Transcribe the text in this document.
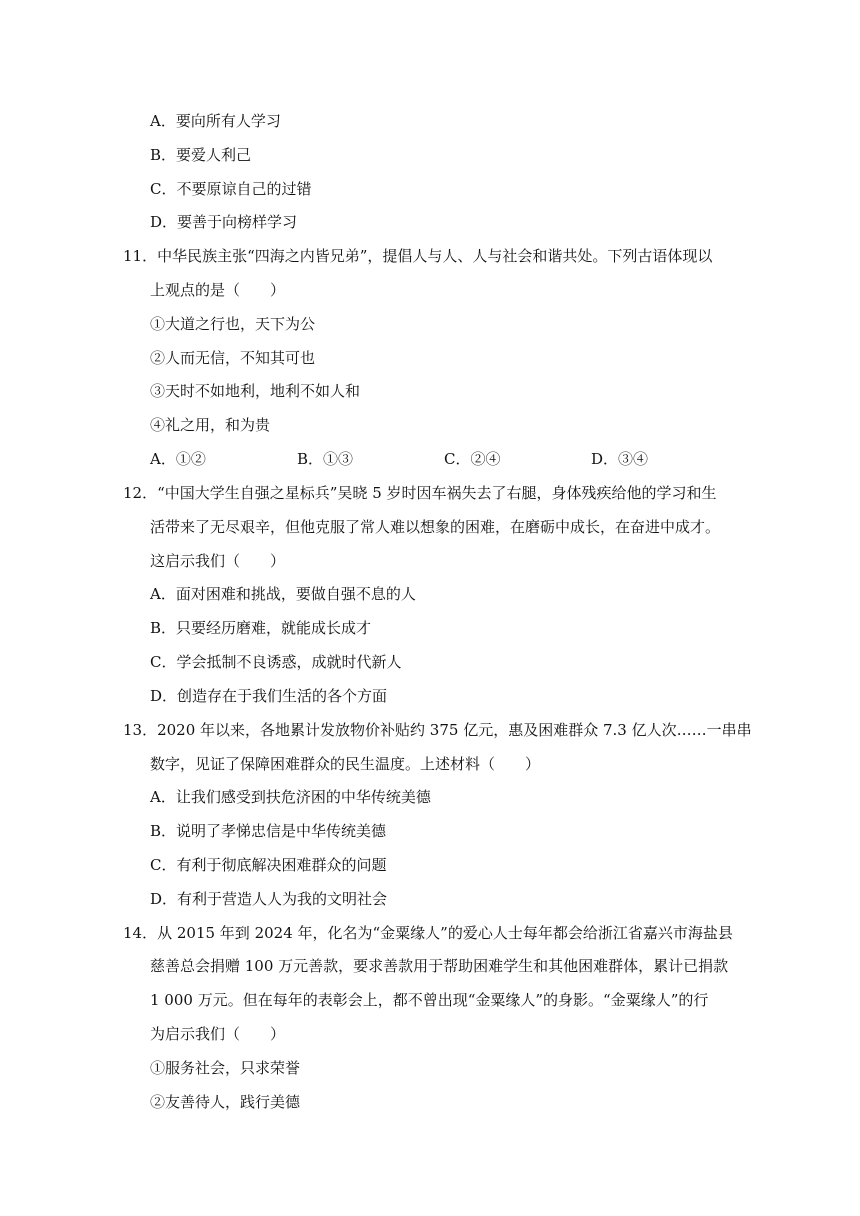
A．要向所有人学习
B．要爱人利己
C．不要原谅自己的过错
D．要善于向榜样学习
11．中华民族主张“四海之内皆兄弟”，提倡人与人、人与社会和谐共处。下列古语体现以
上观点的是（　　）
①大道之行也，天下为公
②人而无信，不知其可也
③天时不如地利，地利不如人和
④礼之用，和为贵
A．①②	B．①③	C．②④	D．③④
12．“中国大学生自强之星标兵”吴晓 5 岁时因车祸失去了右腿，身体残疾给他的学习和生
活带来了无尽艰辛，但他克服了常人难以想象的困难，在磨砺中成长，在奋进中成才。
这启示我们（　　）
A．面对困难和挑战，要做自强不息的人
B．只要经历磨难，就能成长成才
C．学会抵制不良诱惑，成就时代新人
D．创造存在于我们生活的各个方面
13．2020 年以来，各地累计发放物价补贴约 375 亿元，惠及困难群众 7.3 亿人次……一串串
数字，见证了保障困难群众的民生温度。上述材料（　　）
A．让我们感受到扶危济困的中华传统美德
B．说明了孝悌忠信是中华传统美德
C．有利于彻底解决困难群众的问题
D．有利于营造人人为我的文明社会
14．从 2015 年到 2024 年，化名为“金粟缘人”的爱心人士每年都会给浙江省嘉兴市海盐县
慈善总会捐赠 100 万元善款，要求善款用于帮助困难学生和其他困难群体，累计已捐款
1 000 万元。但在每年的表彰会上，都不曾出现“金粟缘人”的身影。“金粟缘人”的行
为启示我们（　　）
①服务社会，只求荣誉
②友善待人，践行美德
